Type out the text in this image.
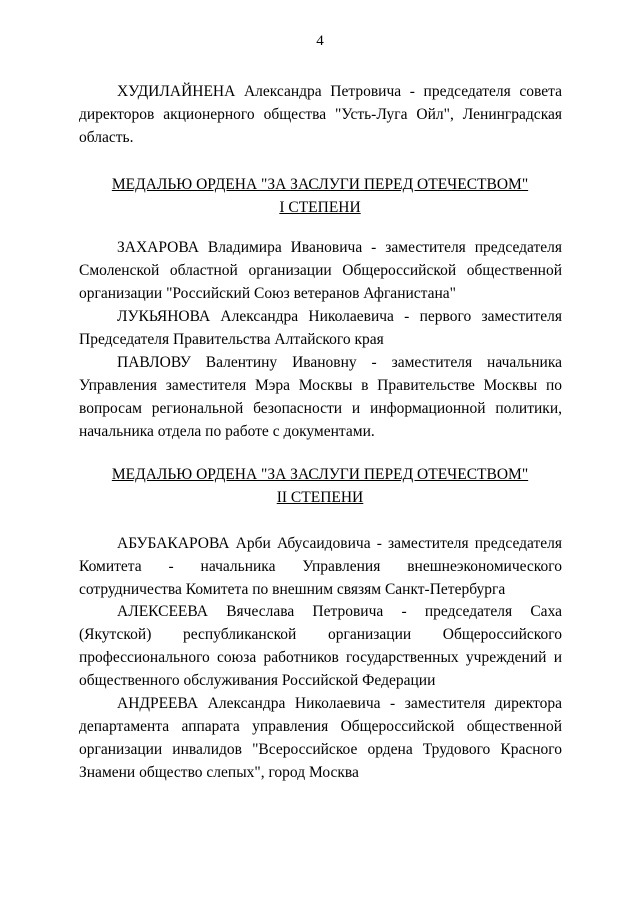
4

ХУДИЛАЙНЕНА Александра Петровича - председателя совета директоров акционерного общества "Усть-Луга Ойл", Ленинградская область.

МЕДАЛЬЮ ОРДЕНА "ЗА ЗАСЛУГИ ПЕРЕД ОТЕЧЕСТВОМ"
I СТЕПЕНИ

ЗАХАРОВА Владимира Ивановича - заместителя председателя Смоленской областной организации Общероссийской общественной организации "Российский Союз ветеранов Афганистана"

ЛУКЬЯНОВА Александра Николаевича - первого заместителя Председателя Правительства Алтайского края

ПАВЛОВУ Валентину Ивановну - заместителя начальника Управления заместителя Мэра Москвы в Правительстве Москвы по вопросам региональной безопасности и информационной политики, начальника отдела по работе с документами.

МЕДАЛЬЮ ОРДЕНА "ЗА ЗАСЛУГИ ПЕРЕД ОТЕЧЕСТВОМ"
II СТЕПЕНИ

АБУБАКАРОВА Арби Абусаидовича - заместителя председателя Комитета - начальника Управления внешнеэкономического сотрудничества Комитета по внешним связям Санкт-Петербурга

АЛЕКСЕЕВА Вячеслава Петровича - председателя Саха (Якутской) республиканской организации Общероссийского профессионального союза работников государственных учреждений и общественного обслуживания Российской Федерации

АНДРЕЕВА Александра Николаевича - заместителя директора департамента аппарата управления Общероссийской общественной организации инвалидов "Всероссийское ордена Трудового Красного Знамени общество слепых", город Москва
